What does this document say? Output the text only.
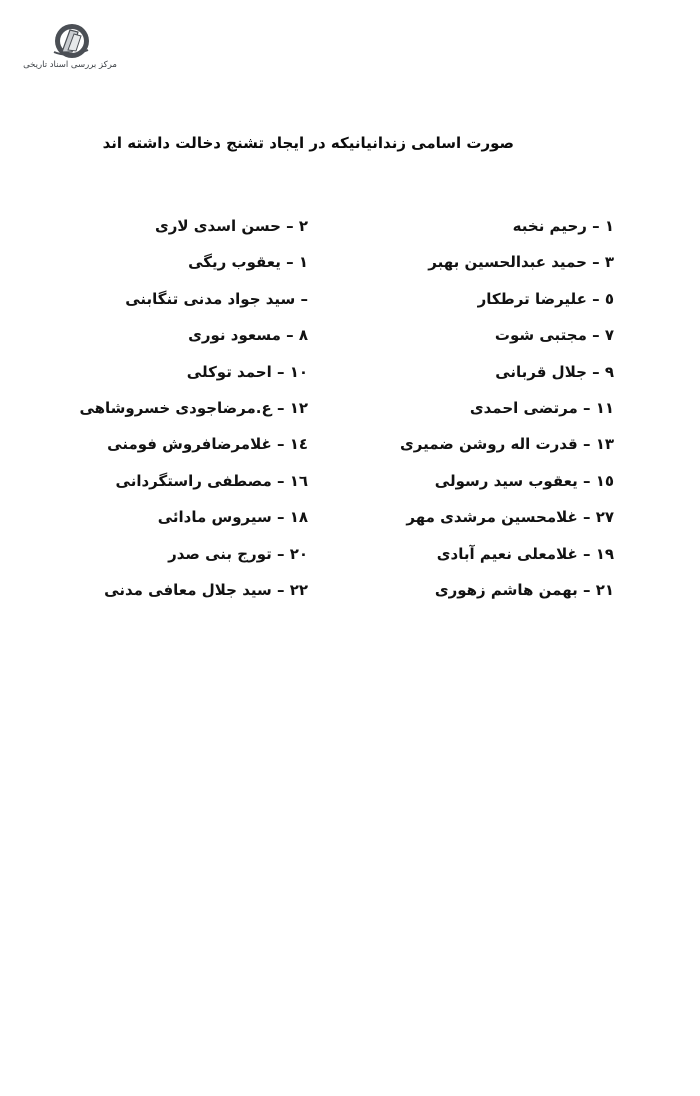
مرکز بررسی اسناد تاریخی
صورت اسامی زندانیانیکه در ایجاد تشنج دخالت داشته اند
١ – رحیم نخبه
٣ – حمید عبدالحسین بهبر
٥ – علیرضا ترطکار
٧ – مجتبی شوت
٩ – جلال قربانی
١١ – مرتضی احمدی
١٣ – قدرت اله روشن ضمیری
١٥ – یعقوب سید رسولی
٢٧ – غلامحسین مرشدی مهر
١٩ – غلامعلی نعیم آبادی
٢١ – بهمن هاشم زهوری
٢ – حسن اسدی لاری
١ – یعقوب ریگی
– سید جواد مدنی تنگابنی
٨ – مسعود نوری
١٠ – احمد توکلی
١٢ – ع.مرضاجودی خسروشاهی
١٤ – غلامرضافروش فومنی
١٦ – مصطفی راستگردانی
١٨ – سیروس مادائی
٢٠ – تورج بنی صدر
٢٢ – سید جلال معافی مدنی
